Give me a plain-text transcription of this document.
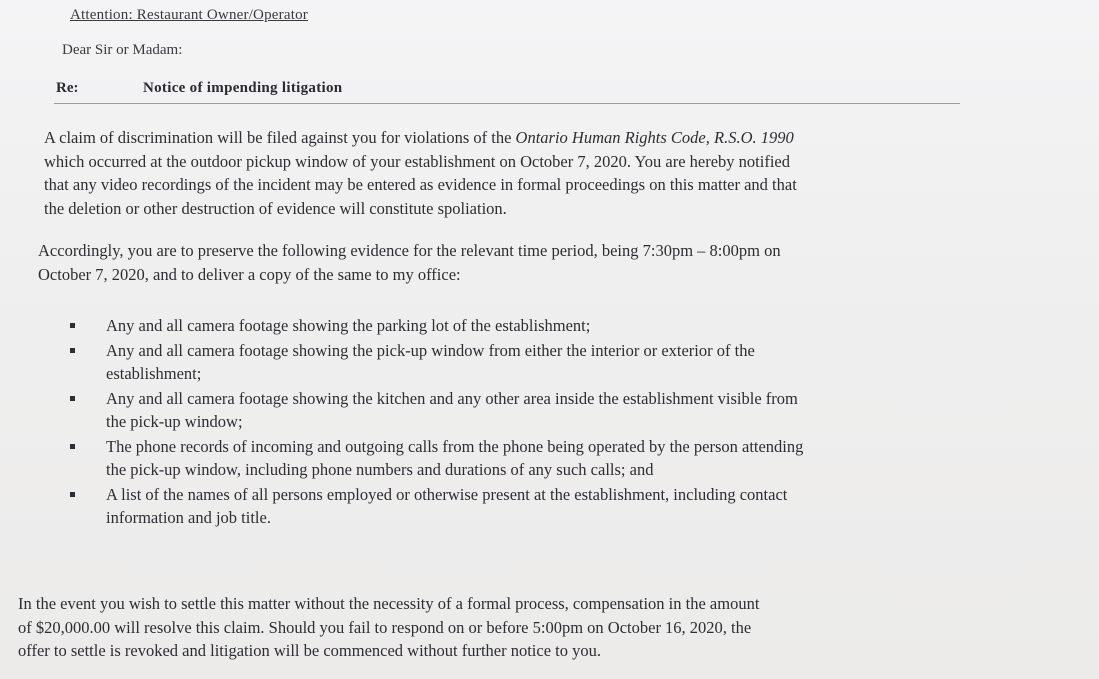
Attention: Restaurant Owner/Operator
Dear Sir or Madam:
Re:	Notice of impending litigation
A claim of discrimination will be filed against you for violations of the Ontario Human Rights Code, R.S.O. 1990
which occurred at the outdoor pickup window of your establishment on October 7, 2020. You are hereby notified
that any video recordings of the incident may be entered as evidence in formal proceedings on this matter and that
the deletion or other destruction of evidence will constitute spoliation.
Accordingly, you are to preserve the following evidence for the relevant time period, being 7:30pm – 8:00pm on
October 7, 2020, and to deliver a copy of the same to my office:
Any and all camera footage showing the parking lot of the establishment;
Any and all camera footage showing the pick-up window from either the interior or exterior of the
establishment;
Any and all camera footage showing the kitchen and any other area inside the establishment visible from
the pick-up window;
The phone records of incoming and outgoing calls from the phone being operated by the person attending
the pick-up window, including phone numbers and durations of any such calls; and
A list of the names of all persons employed or otherwise present at the establishment, including contact
information and job title.
In the event you wish to settle this matter without the necessity of a formal process, compensation in the amount
of $20,000.00 will resolve this claim. Should you fail to respond on or before 5:00pm on October 16, 2020, the
offer to settle is revoked and litigation will be commenced without further notice to you.
